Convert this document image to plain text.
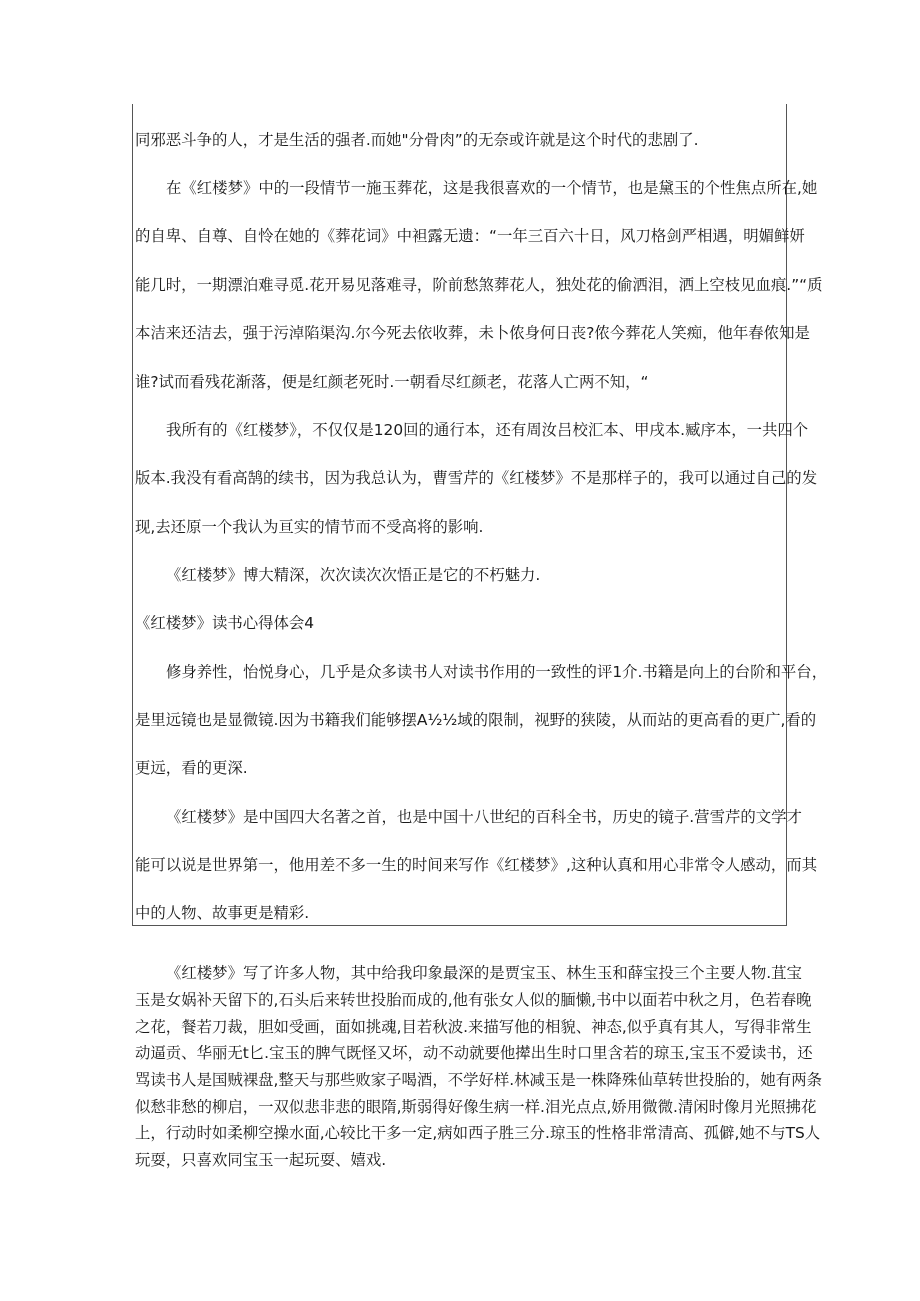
同邪恶斗争的人，才是生活的强者.而她"分骨肉”的无奈或许就是这个时代的悲剧了.
在《红楼梦》中的一段情节一施玉葬花，这是我很喜欢的一个情节，也是黛玉的个性焦点所在,她
的自卑、自尊、自怜在她的《葬花词》中袒露无遗：“一年三百六十日，风刀格剑严相遇，明媚鲜妍
能几时，一期漂泊难寻觅.花开易见落难寻，阶前愁煞葬花人，独处花的偷洒泪，洒上空枝见血痕.”“质
本洁来还洁去，强于污淖陷渠沟.尔今死去依收葬，未卜侬身何日丧?侬今葬花人笑痴，他年春侬知是
谁?试而看残花渐落，便是红颜老死时.一朝看尽红颜老，花落人亡两不知，“
我所有的《红楼梦》，不仅仅是120回的通行本，还有周汝吕校汇本、甲戌本.臧序本，一共四个
版本.我没有看高鹄的续书，因为我总认为，曹雪芹的《红楼梦》不是那样子的，我可以通过自己的发
现,去还原一个我认为亘实的情节而不受高将的影响.
《红楼梦》博大精深，次次读次次悟正是它的不朽魅力.
《红楼梦》读书心得体会4
修身养性，怡悦身心，几乎是众多读书人对读书作用的一致性的评1介.书籍是向上的台阶和平台，
是里远镜也是显微镜.因为书籍我们能够摆A½½域的限制，视野的狭陵，从而站的更高看的更广,看的
更远，看的更深.
《红楼梦》是中国四大名著之首，也是中国十八世纪的百科全书，历史的镜子.营雪芹的文学才
能可以说是世界第一，他用差不多一生的时间来写作《红楼梦》,这种认真和用心非常令人感动，而其
中的人物、故事更是精彩.
《红楼梦》写了许多人物，其中给我印象最深的是贾宝玉、林生玉和薛宝投三个主要人物.苴宝
玉是女娲补天留下的,石头后来转世投胎而成的,他有张女人似的腼懒,书中以面若中秋之月，色若春晚
之花，餐若刀裁，胆如受画，面如挑魂,目若秋波.来描写他的相貌、神态,似乎真有其人，写得非常生
动逼贡、华丽无t匕.宝玉的脾气既怪又坏，动不动就要他撵出生时口里含若的琼玉,宝玉不爱读书，还
骂读书人是国贼裸盘,整天与那些败家子喝酒，不学好样.林减玉是一株降殊仙草转世投胎的，她有两条
似愁非愁的柳启，一双似悲非悲的眼隋,斯弱得好像生病一样.泪光点点,娇用微微.清闲时像月光照拂花
上，行动时如柔柳空操水面,心较比干多一定,病如西子胜三分.琼玉的性格非常清高、孤僻,她不与TS人
玩耍，只喜欢同宝玉一起玩耍、嬉戏.
